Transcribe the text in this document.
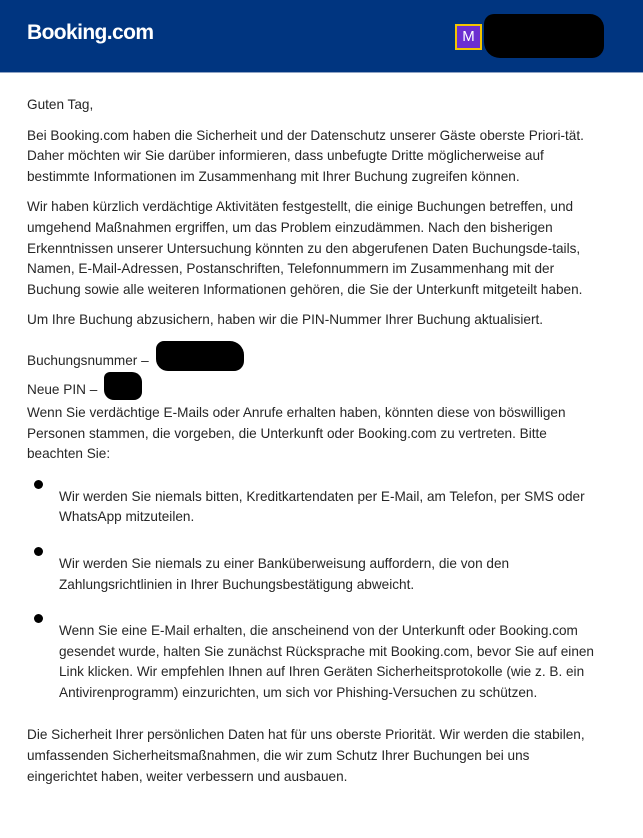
Booking.com	M

Guten Tag,

Bei Booking.com haben die Sicherheit und der Datenschutz unserer Gäste oberste Priori-tät. Daher möchten wir Sie darüber informieren, dass unbefugte Dritte möglicherweise auf bestimmte Informationen im Zusammenhang mit Ihrer Buchung zugreifen können.

Wir haben kürzlich verdächtige Aktivitäten festgestellt, die einige Buchungen betreffen, und umgehend Maßnahmen ergriffen, um das Problem einzudämmen. Nach den bisherigen Erkenntnissen unserer Untersuchung könnten zu den abgerufenen Daten Buchungsde-tails, Namen, E-Mail-Adressen, Postanschriften, Telefonnummern im Zusammenhang mit der Buchung sowie alle weiteren Informationen gehören, die Sie der Unterkunft mitgeteilt haben.

Um Ihre Buchung abzusichern, haben wir die PIN-Nummer Ihrer Buchung aktualisiert.

Buchungsnummer –
Neue PIN –

Wenn Sie verdächtige E-Mails oder Anrufe erhalten haben, könnten diese von böswilligen Personen stammen, die vorgeben, die Unterkunft oder Booking.com zu vertreten. Bitte beachten Sie:

Wir werden Sie niemals bitten, Kreditkartendaten per E-Mail, am Telefon, per SMS oder WhatsApp mitzuteilen.
Wir werden Sie niemals zu einer Banküberweisung auffordern, die von den Zahlungsrichtlinien in Ihrer Buchungsbestätigung abweicht.
Wenn Sie eine E-Mail erhalten, die anscheinend von der Unterkunft oder Booking.com gesendet wurde, halten Sie zunächst Rücksprache mit Booking.com, bevor Sie auf einen Link klicken. Wir empfehlen Ihnen auf Ihren Geräten Sicherheitsprotokolle (wie z. B. ein Antivirenprogramm) einzurichten, um sich vor Phishing-Versuchen zu schützen.

Die Sicherheit Ihrer persönlichen Daten hat für uns oberste Priorität. Wir werden die stabilen, umfassenden Sicherheitsmaßnahmen, die wir zum Schutz Ihrer Buchungen bei uns eingerichtet haben, weiter verbessern und ausbauen.
